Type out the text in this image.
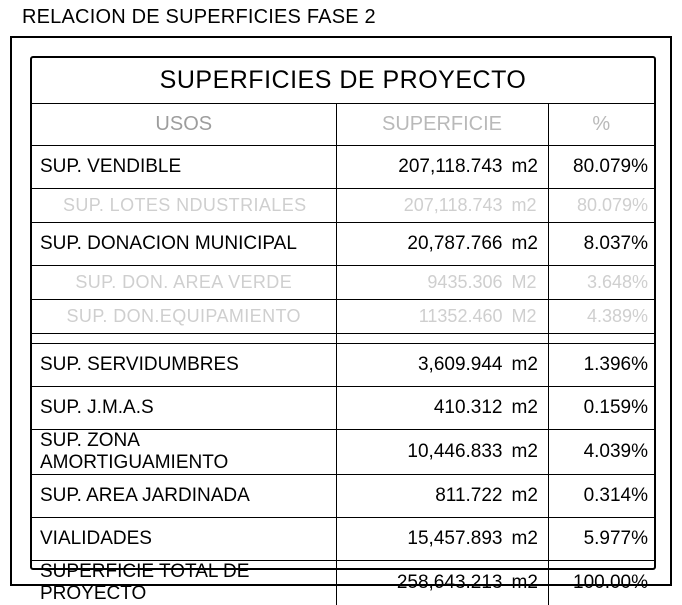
RELACION DE SUPERFICIES FASE 2
SUPERFICIES DE PROYECTO		
USOS	SUPERFICIE	%
SUP. VENDIBLE	207,118.743 m2	80.079%
SUP. LOTES NDUSTRIALES	207,118.743 m2	80.079%
SUP. DONACION MUNICIPAL	20,787.766 m2	8.037%
SUP. DON. AREA VERDE	9435.306 M2	3.648%
SUP. DON.EQUIPAMIENTO	11352.460 M2	4.389%

SUP. SERVIDUMBRES	3,609.944 m2	1.396%
SUP. J.M.A.S	410.312 m2	0.159%
SUP. ZONA AMORTIGUAMIENTO	10,446.833 m2	4.039%
SUP. AREA JARDINADA	811.722 m2	0.314%
VIALIDADES	15,457.893 m2	5.977%
SUPERFICIE TOTAL DE PROYECTO	258,643.213 m2	100.00%
